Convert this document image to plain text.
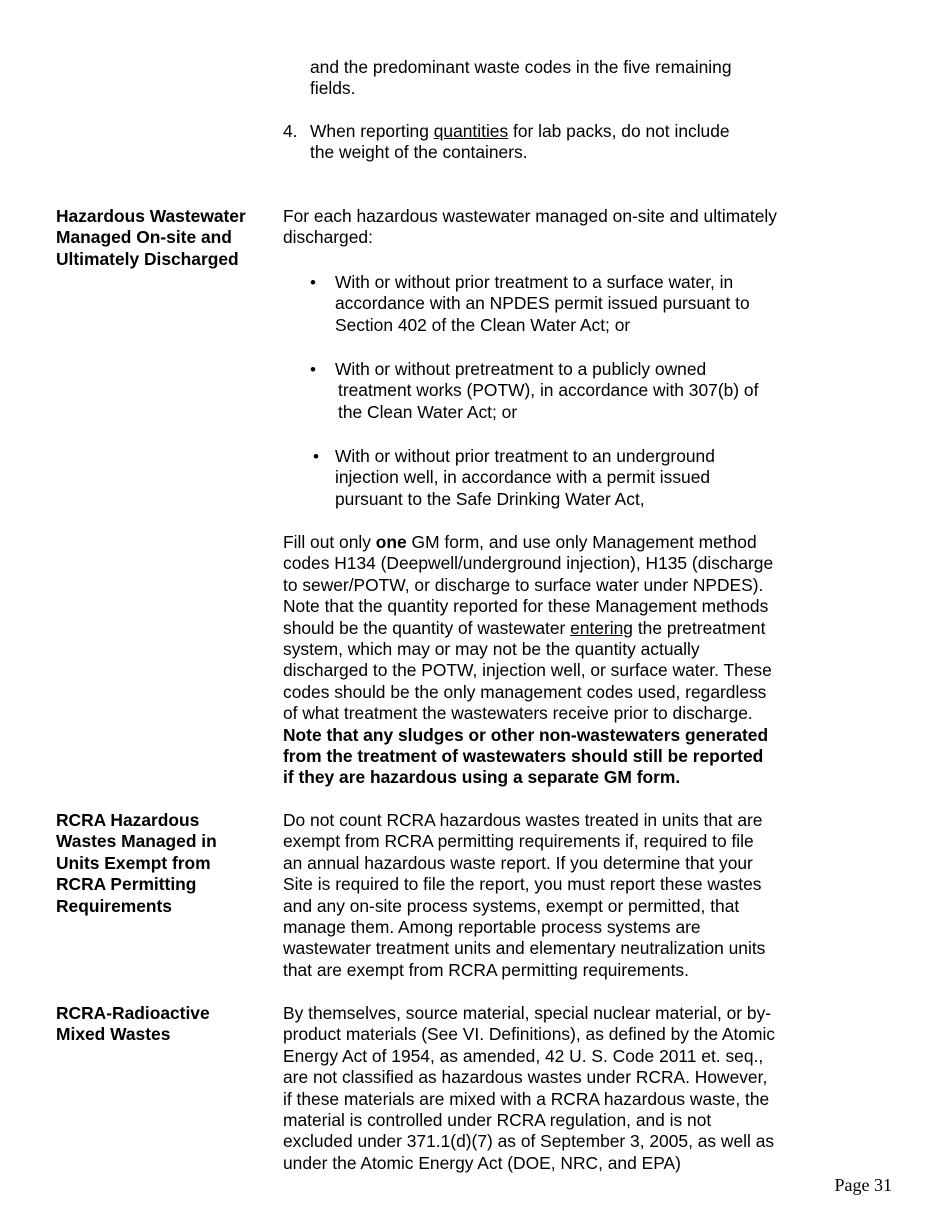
and the predominant waste codes in the five remaining
fields.
4. When reporting quantities for lab packs, do not include
the weight of the containers.
Hazardous Wastewater
Managed On-site and
Ultimately Discharged
For each hazardous wastewater managed on-site and ultimately
discharged:
• With or without prior treatment to a surface water, in
accordance with an NPDES permit issued pursuant to
Section 402 of the Clean Water Act; or
• With or without pretreatment to a publicly owned
treatment works (POTW), in accordance with 307(b) of
the Clean Water Act; or
• With or without prior treatment to an underground
injection well, in accordance with a permit issued
pursuant to the Safe Drinking Water Act,
Fill out only one GM form, and use only Management method
codes H134 (Deepwell/underground injection), H135 (discharge
to sewer/POTW, or discharge to surface water under NPDES).
Note that the quantity reported for these Management methods
should be the quantity of wastewater entering the pretreatment
system, which may or may not be the quantity actually
discharged to the POTW, injection well, or surface water. These
codes should be the only management codes used, regardless
of what treatment the wastewaters receive prior to discharge.
Note that any sludges or other non-wastewaters generated
from the treatment of wastewaters should still be reported
if they are hazardous using a separate GM form.
RCRA Hazardous
Wastes Managed in
Units Exempt from
RCRA Permitting
Requirements
Do not count RCRA hazardous wastes treated in units that are
exempt from RCRA permitting requirements if, required to file
an annual hazardous waste report. If you determine that your
Site is required to file the report, you must report these wastes
and any on-site process systems, exempt or permitted, that
manage them. Among reportable process systems are
wastewater treatment units and elementary neutralization units
that are exempt from RCRA permitting requirements.
RCRA-Radioactive
Mixed Wastes
By themselves, source material, special nuclear material, or by-
product materials (See VI. Definitions), as defined by the Atomic
Energy Act of 1954, as amended, 42 U. S. Code 2011 et. seq.,
are not classified as hazardous wastes under RCRA. However,
if these materials are mixed with a RCRA hazardous waste, the
material is controlled under RCRA regulation, and is not
excluded under 371.1(d)(7) as of September 3, 2005, as well as
under the Atomic Energy Act (DOE, NRC, and EPA)
Page 31
